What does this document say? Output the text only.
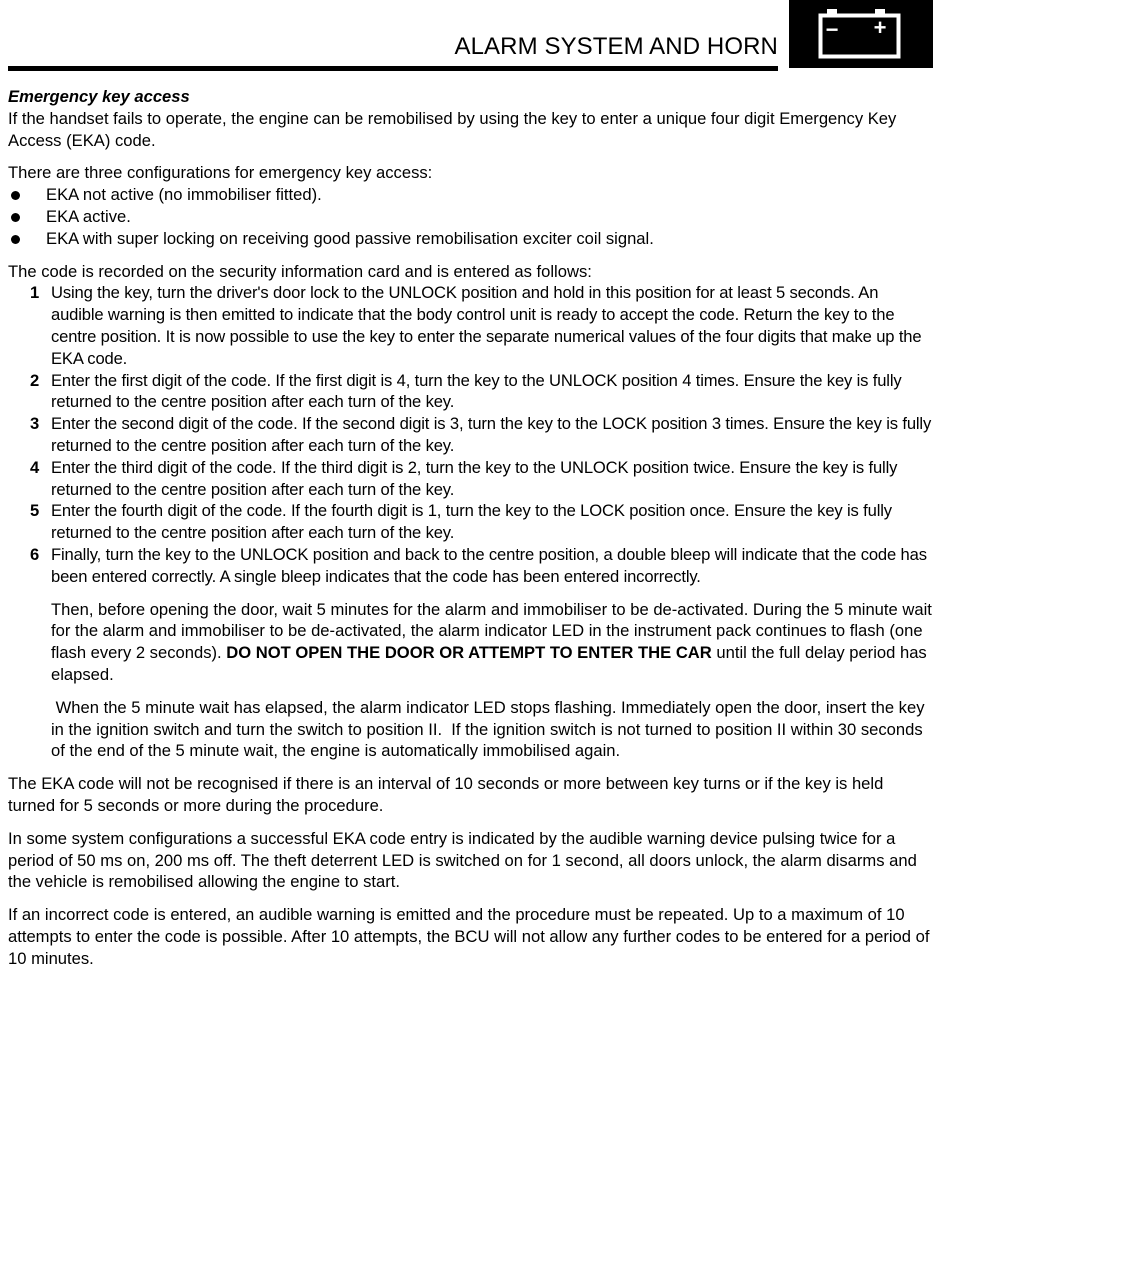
ALARM SYSTEM AND HORN
− +

Emergency key access
If the handset fails to operate, the engine can be remobilised by using the key to enter a unique four digit Emergency Key Access (EKA) code.

There are three configurations for emergency key access:
EKA not active (no immobiliser fitted).
EKA active.
EKA with super locking on receiving good passive remobilisation exciter coil signal.
The code is recorded on the security information card and is entered as follows:
1 Using the key, turn the driver's door lock to the UNLOCK position and hold in this position for at least 5 seconds. An audible warning is then emitted to indicate that the body control unit is ready to accept the code. Return the key to the centre position. It is now possible to use the key to enter the separate numerical values of the four digits that make up the EKA code.
2 Enter the first digit of the code. If the first digit is 4, turn the key to the UNLOCK position 4 times. Ensure the key is fully returned to the centre position after each turn of the key.
3 Enter the second digit of the code. If the second digit is 3, turn the key to the LOCK position 3 times. Ensure the key is fully returned to the centre position after each turn of the key.
4 Enter the third digit of the code. If the third digit is 2, turn the key to the UNLOCK position twice. Ensure the key is fully returned to the centre position after each turn of the key.
5 Enter the fourth digit of the code. If the fourth digit is 1, turn the key to the LOCK position once. Ensure the key is fully returned to the centre position after each turn of the key.
6 Finally, turn the key to the UNLOCK position and back to the centre position, a double bleep will indicate that the code has been entered correctly. A single bleep indicates that the code has been entered incorrectly.

Then, before opening the door, wait 5 minutes for the alarm and immobiliser to be de-activated. During the 5 minute wait for the alarm and immobiliser to be de-activated, the alarm indicator LED in the instrument pack continues to flash (one flash every 2 seconds). DO NOT OPEN THE DOOR OR ATTEMPT TO ENTER THE CAR until the full delay period has elapsed.

When the 5 minute wait has elapsed, the alarm indicator LED stops flashing. Immediately open the door, insert the key in the ignition switch and turn the switch to position II.  If the ignition switch is not turned to position II within 30 seconds of the end of the 5 minute wait, the engine is automatically immobilised again.

The EKA code will not be recognised if there is an interval of 10 seconds or more between key turns or if the key is held turned for 5 seconds or more during the procedure.

In some system configurations a successful EKA code entry is indicated by the audible warning device pulsing twice for a period of 50 ms on, 200 ms off. The theft deterrent LED is switched on for 1 second, all doors unlock, the alarm disarms and the vehicle is remobilised allowing the engine to start.

If an incorrect code is entered, an audible warning is emitted and the procedure must be repeated. Up to a maximum of 10 attempts to enter the code is possible. After 10 attempts, the BCU will not allow any further codes to be entered for a period of 10 minutes.
